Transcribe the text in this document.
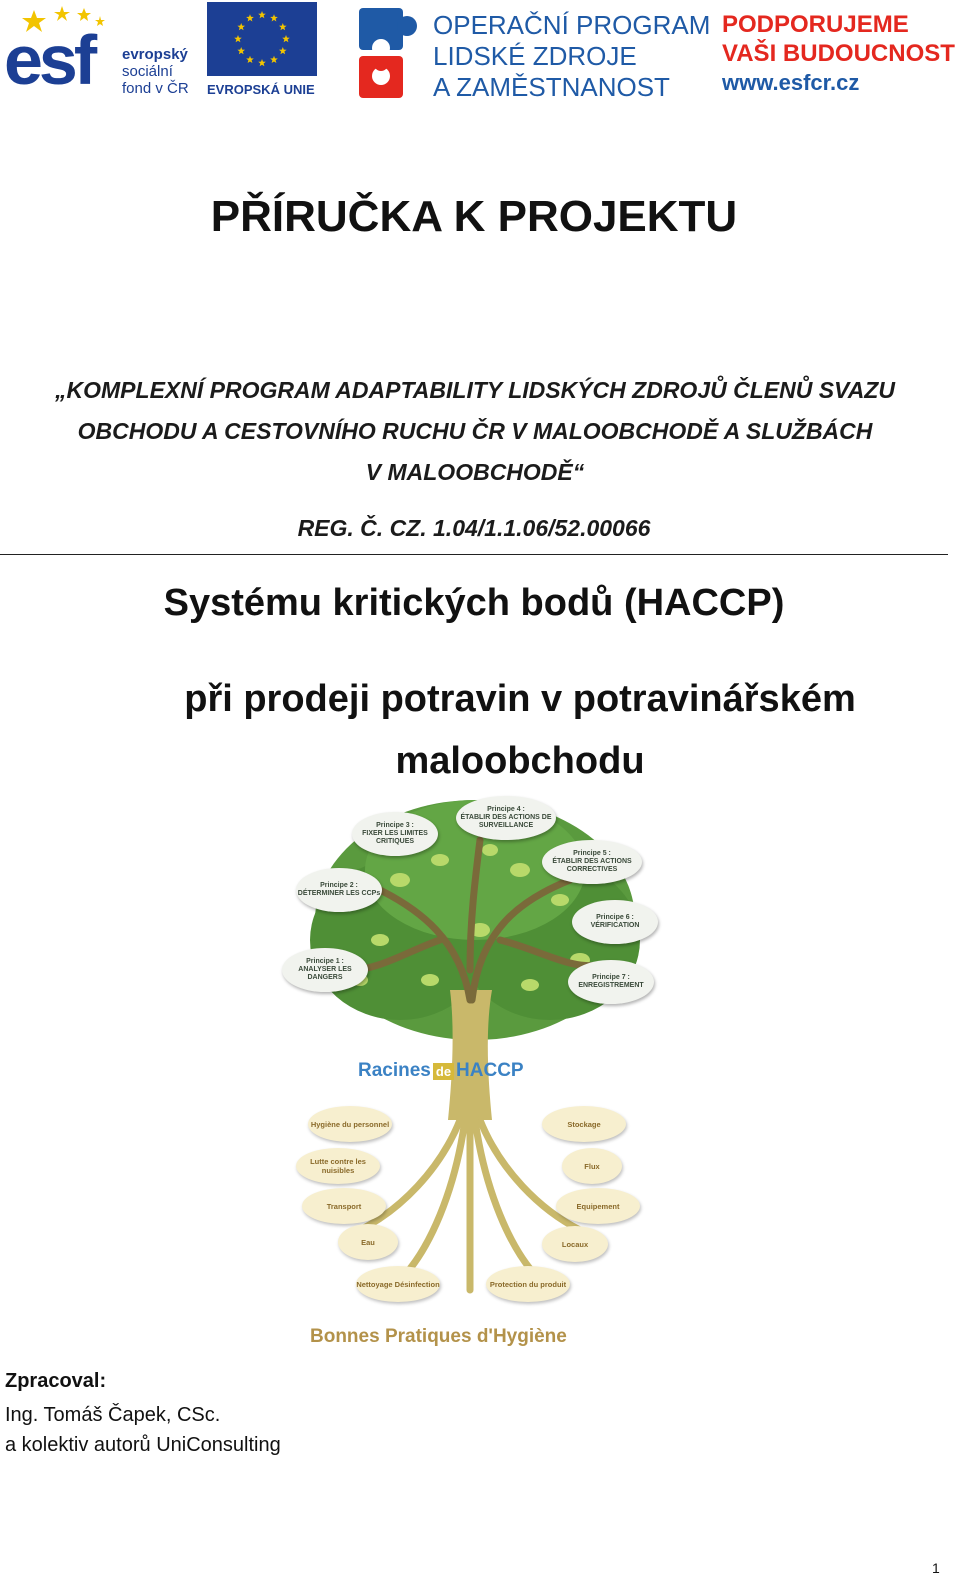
esf evropský
sociální
fond v ČR EVROPSKÁ UNIE
OPERAČNÍ PROGRAM
LIDSKÉ ZDROJE
A ZAMĚSTNANOST
PODPORUJEME
VAŠI BUDOUCNOST
www.esfcr.cz
PŘÍRUČKA K PROJEKTU
„KOMPLEXNÍ PROGRAM ADAPTABILITY LIDSKÝCH ZDROJŮ ČLENŮ SVAZU
OBCHODU A CESTOVNÍHO RUCHU ČR V MALOOBCHODĚ A SLUŽBÁCH
V MALOOBCHODĚ“
REG. Č. CZ. 1.04/1.1.06/52.00066
Systému kritických bodů (HACCP)
při prodeji potravin v potravinářském
maloobchodu
Principe 1 :
ANALYSER LES DANGERS
Principe 2 :
DÉTERMINER LES CCPs
Principe 3 :
FIXER LES LIMITES CRITIQUES
Principe 4 :
ÉTABLIR DES ACTIONS DE SURVEILLANCE
Principe 5 :
ÉTABLIR DES ACTIONS CORRECTIVES
Principe 6 :
VÉRIFICATION
Principe 7 :
ENREGISTREMENT
Racines de HACCP
Hygiène du personnel
Lutte contre les nuisibles
Transport
Eau
Nettoyage Désinfection
Stockage
Flux
Equipement
Locaux
Protection du produit
Bonnes Pratiques d'Hygiène
Zpracoval:
Ing. Tomáš Čapek, CSc.
a kolektiv autorů UniConsulting
1
